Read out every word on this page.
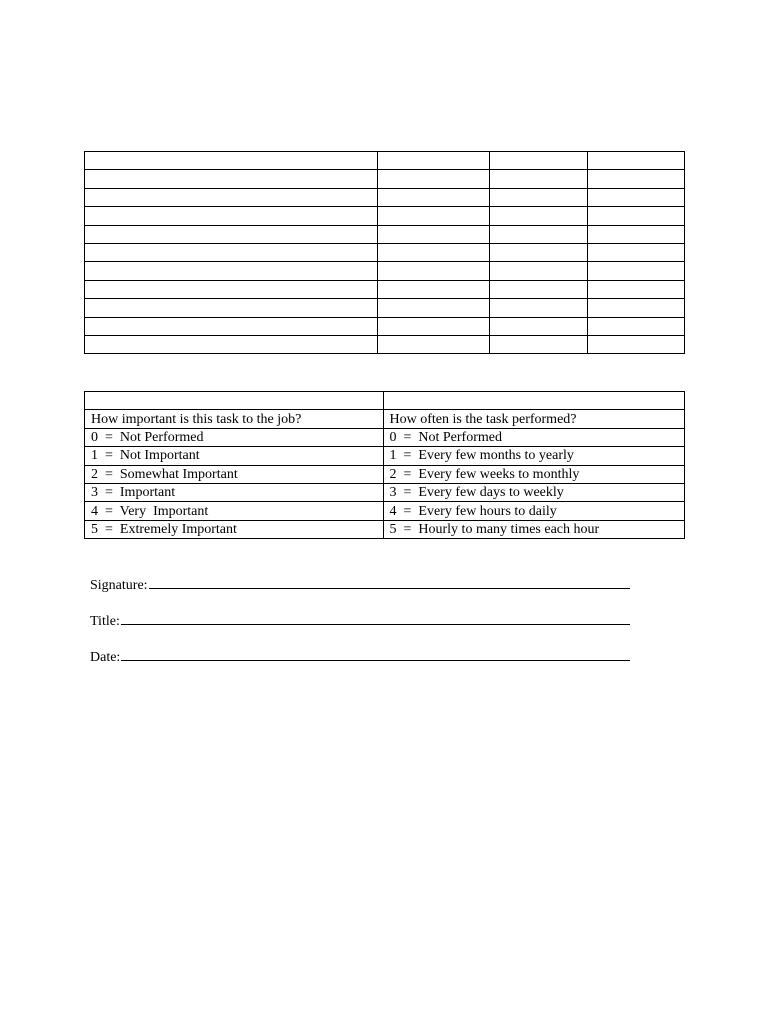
How important is this task to the job?	How often is the task performed?
0  =  Not Performed	0  =  Not Performed
1  =  Not Important	1  =  Every few months to yearly
2  =  Somewhat Important	2  =  Every few weeks to monthly
3  =  Important	3  =  Every few days to weekly
4  =  Very  Important	4  =  Every few hours to daily
5  =  Extremely Important	5  =  Hourly to many times each hour
Signature:
Title:
Date:
